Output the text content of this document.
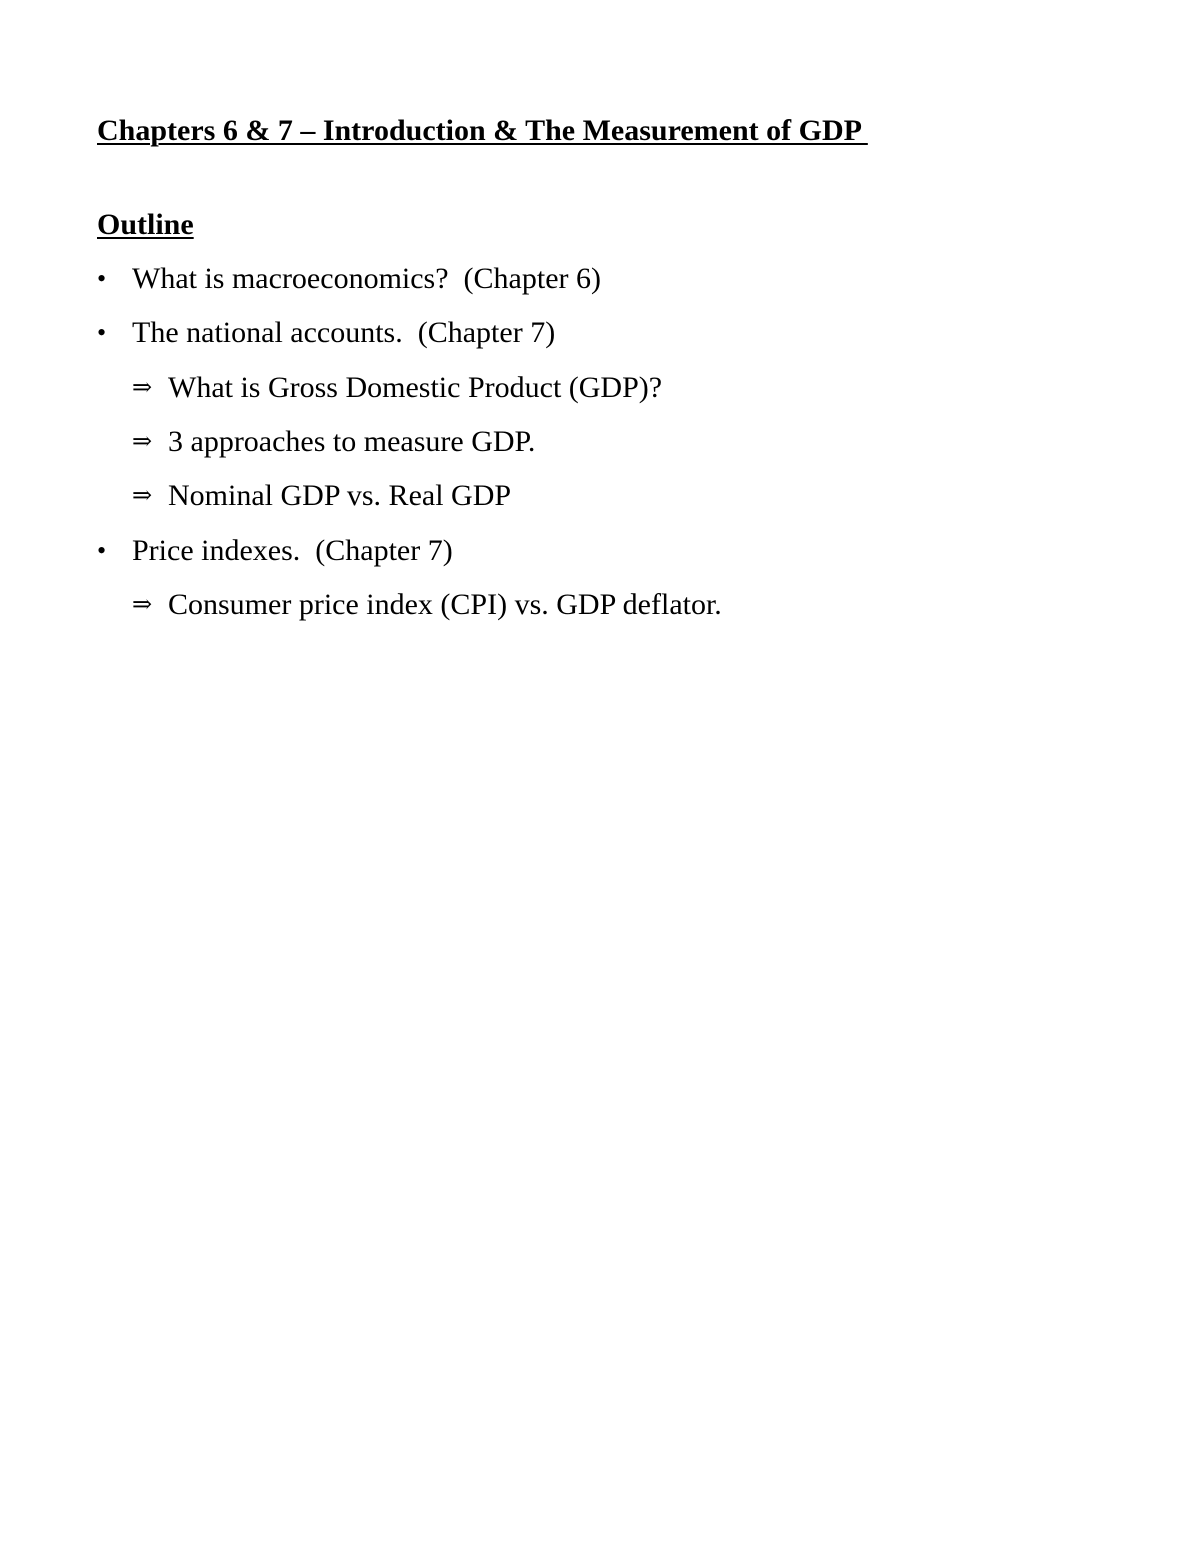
Chapters 6 & 7 – Introduction & The Measurement of GDP
Outline
• What is macroeconomics?  (Chapter 6)
• The national accounts.  (Chapter 7)
⇒ What is Gross Domestic Product (GDP)?
⇒ 3 approaches to measure GDP.
⇒ Nominal GDP vs. Real GDP
• Price indexes.  (Chapter 7)
⇒ Consumer price index (CPI) vs. GDP deflator.
